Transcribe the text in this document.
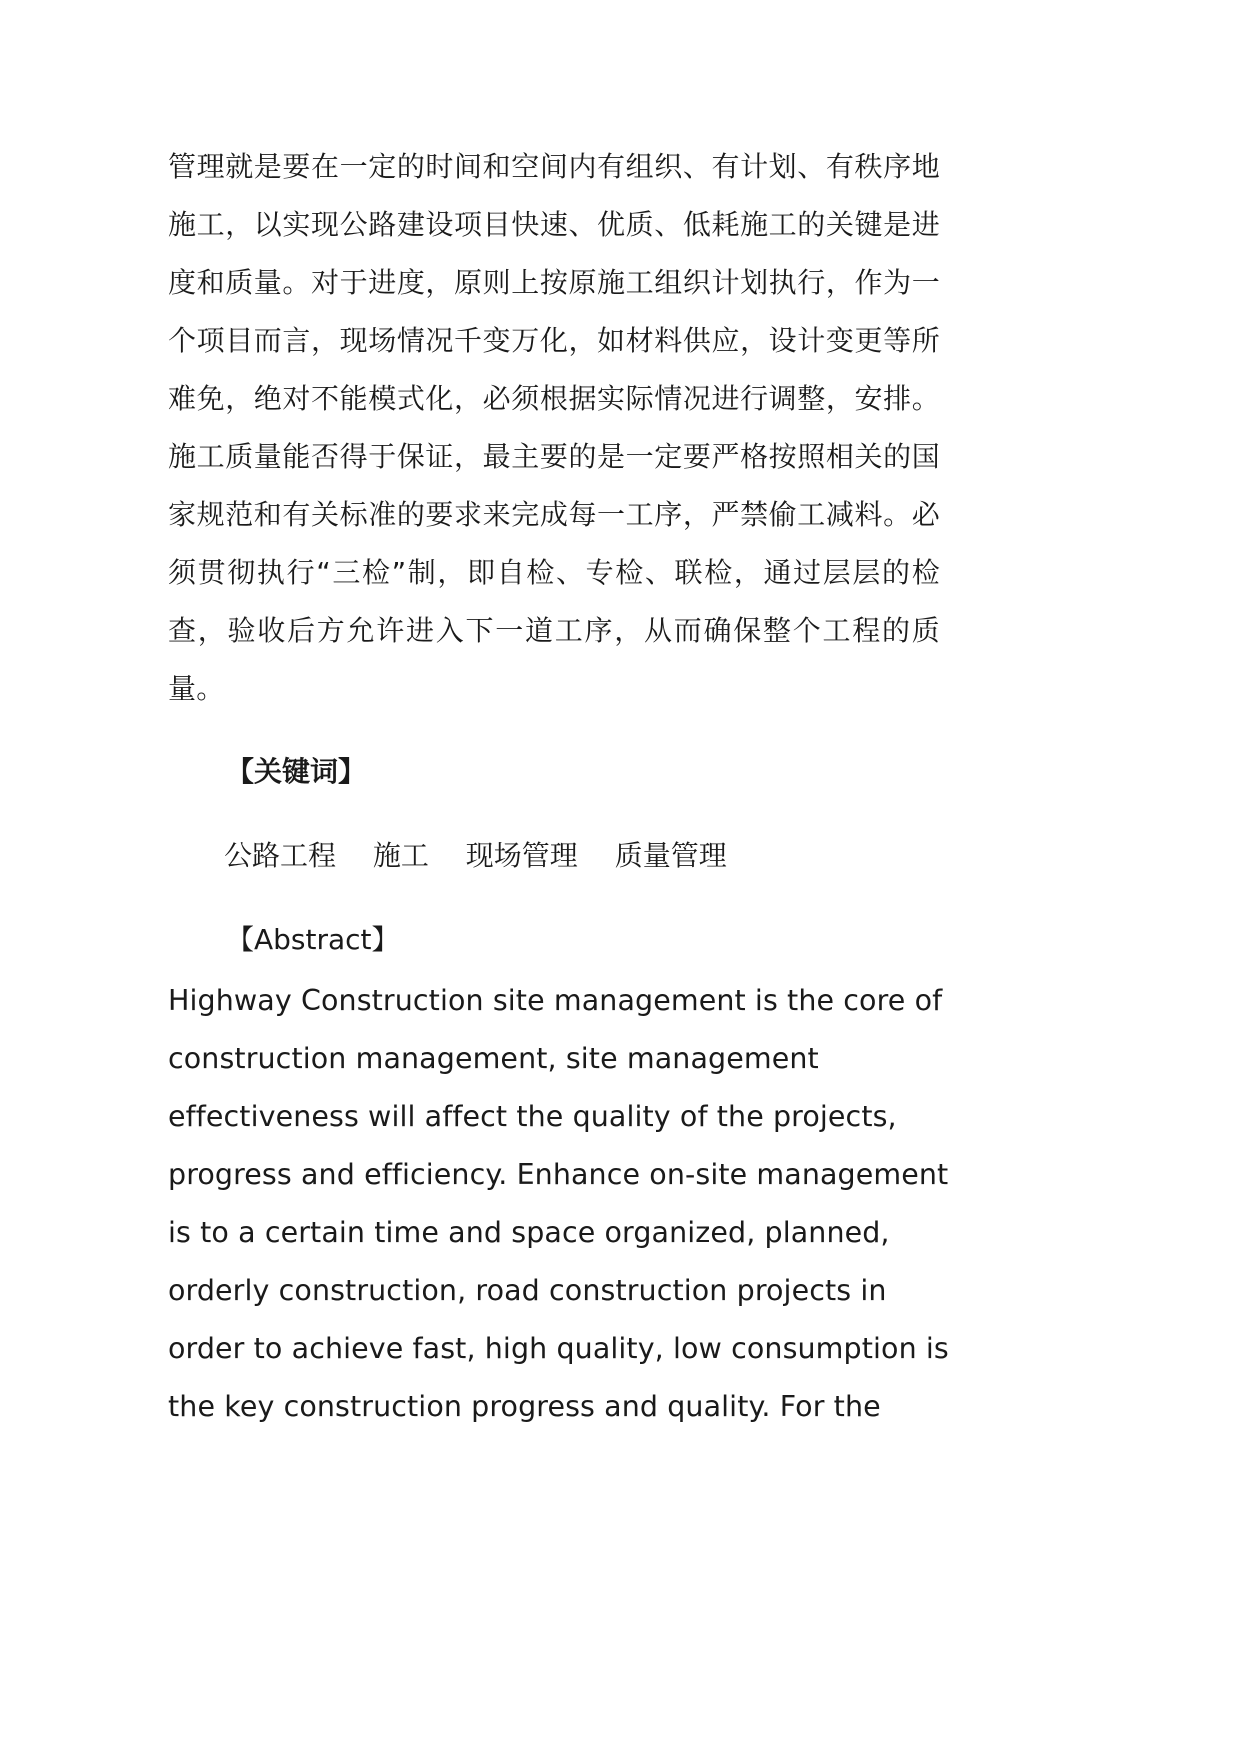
管理就是要在一定的时间和空间内有组织、有计划、有秩序地施工，以实现公路建设项目快速、优质、低耗施工的关键是进度和质量。对于进度，原则上按原施工组织计划执行，作为一个项目而言，现场情况千变万化，如材料供应，设计变更等所难免，绝对不能模式化，必须根据实际情况进行调整，安排。施工质量能否得于保证，最主要的是一定要严格按照相关的国家规范和有关标准的要求来完成每一工序，严禁偷工减料。必须贯彻执行“三检”制，即自检、专检、联检，通过层层的检查，验收后方允许进入下一道工序，从而确保整个工程的质量。
【关键词】
公路工程　 施工　 现场管理　 质量管理
【Abstract】
Highway Construction site management is the core of
construction management, site management
effectiveness will affect the quality of the projects,
progress and efficiency. Enhance on-site management
is to a certain time and space organized, planned,
orderly construction, road construction projects in
order to achieve fast, high quality, low consumption is
the key construction progress and quality. For the
